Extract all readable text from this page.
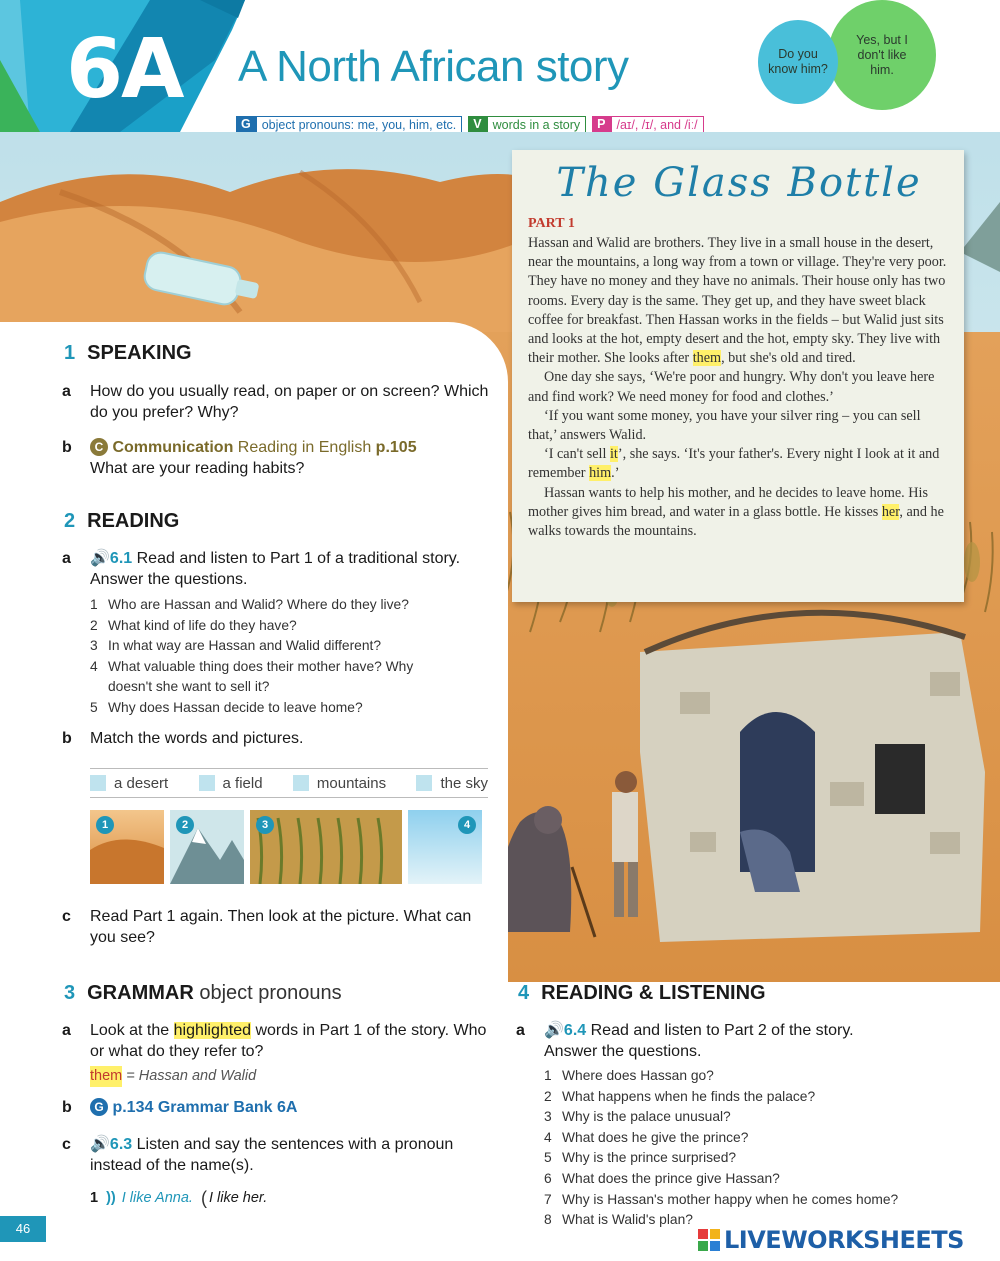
6A A North African story
G object pronouns: me, you, him, etc.	V words in a story	P /aɪ/, /ɪ/, and /iː/
Yes, but I don't like him.
Do you know him?
The Glass Bottle
PART 1

Hassan and Walid are brothers. They live in a small house in the desert, near the mountains, a long way from a town or village. They're very poor. They have no money and they have no animals. Their house only has two rooms. Every day is the same. They get up, and they have sweet black coffee for breakfast. Then Hassan works in the fields – but Walid just sits and looks at the hot, empty desert and the hot, empty sky. They live with their mother. She looks after them, but she's old and tired.

One day she says, ‘We're poor and hungry. Why don't you leave here and find work? We need money for food and clothes.’

‘If you want some money, you have your silver ring – you can sell that,’ answers Walid.

‘I can't sell it’, she says. ‘It's your father's. Every night I look at it and remember him.’

Hassan wants to help his mother, and he decides to leave home. His mother gives him bread, and water in a glass bottle. He kisses her, and he walks towards the mountains.

1 SPEAKING
a	How do you usually read, on paper or on screen? Which do you prefer? Why?
b	C Communication Reading in English p.105
What are your reading habits?
2 READING
a	🔊6.1 Read and listen to Part 1 of a traditional story. Answer the questions.
1 Who are Hassan and Walid? Where do they live?
2 What kind of life do they have?
3 In what way are Hassan and Walid different?
4 What valuable thing does their mother have? Why doesn't she want to sell it?
5 Why does Hassan decide to leave home?
b	Match the words and pictures.
a desert	a field	mountains	the sky
1	2	3	4
c	Read Part 1 again. Then look at the picture. What can you see?
3 GRAMMAR object pronouns
a	Look at the highlighted words in Part 1 of the story. Who or what do they refer to?
them = Hassan and Walid
b	G p.134 Grammar Bank 6A
c	🔊6.3 Listen and say the sentences with a pronoun instead of the name(s).
1 )) I like Anna. ( I like her.
4 READING & LISTENING
a	🔊6.4 Read and listen to Part 2 of the story. Answer the questions.
1 Where does Hassan go?
2 What happens when he finds the palace?
3 Why is the palace unusual?
4 What does he give the prince?
5 Why is the prince surprised?
6 What does the prince give Hassan?
7 Why is Hassan's mother happy when he comes home?
8 What is Walid's plan?
46	LIVEWORKSHEETS
